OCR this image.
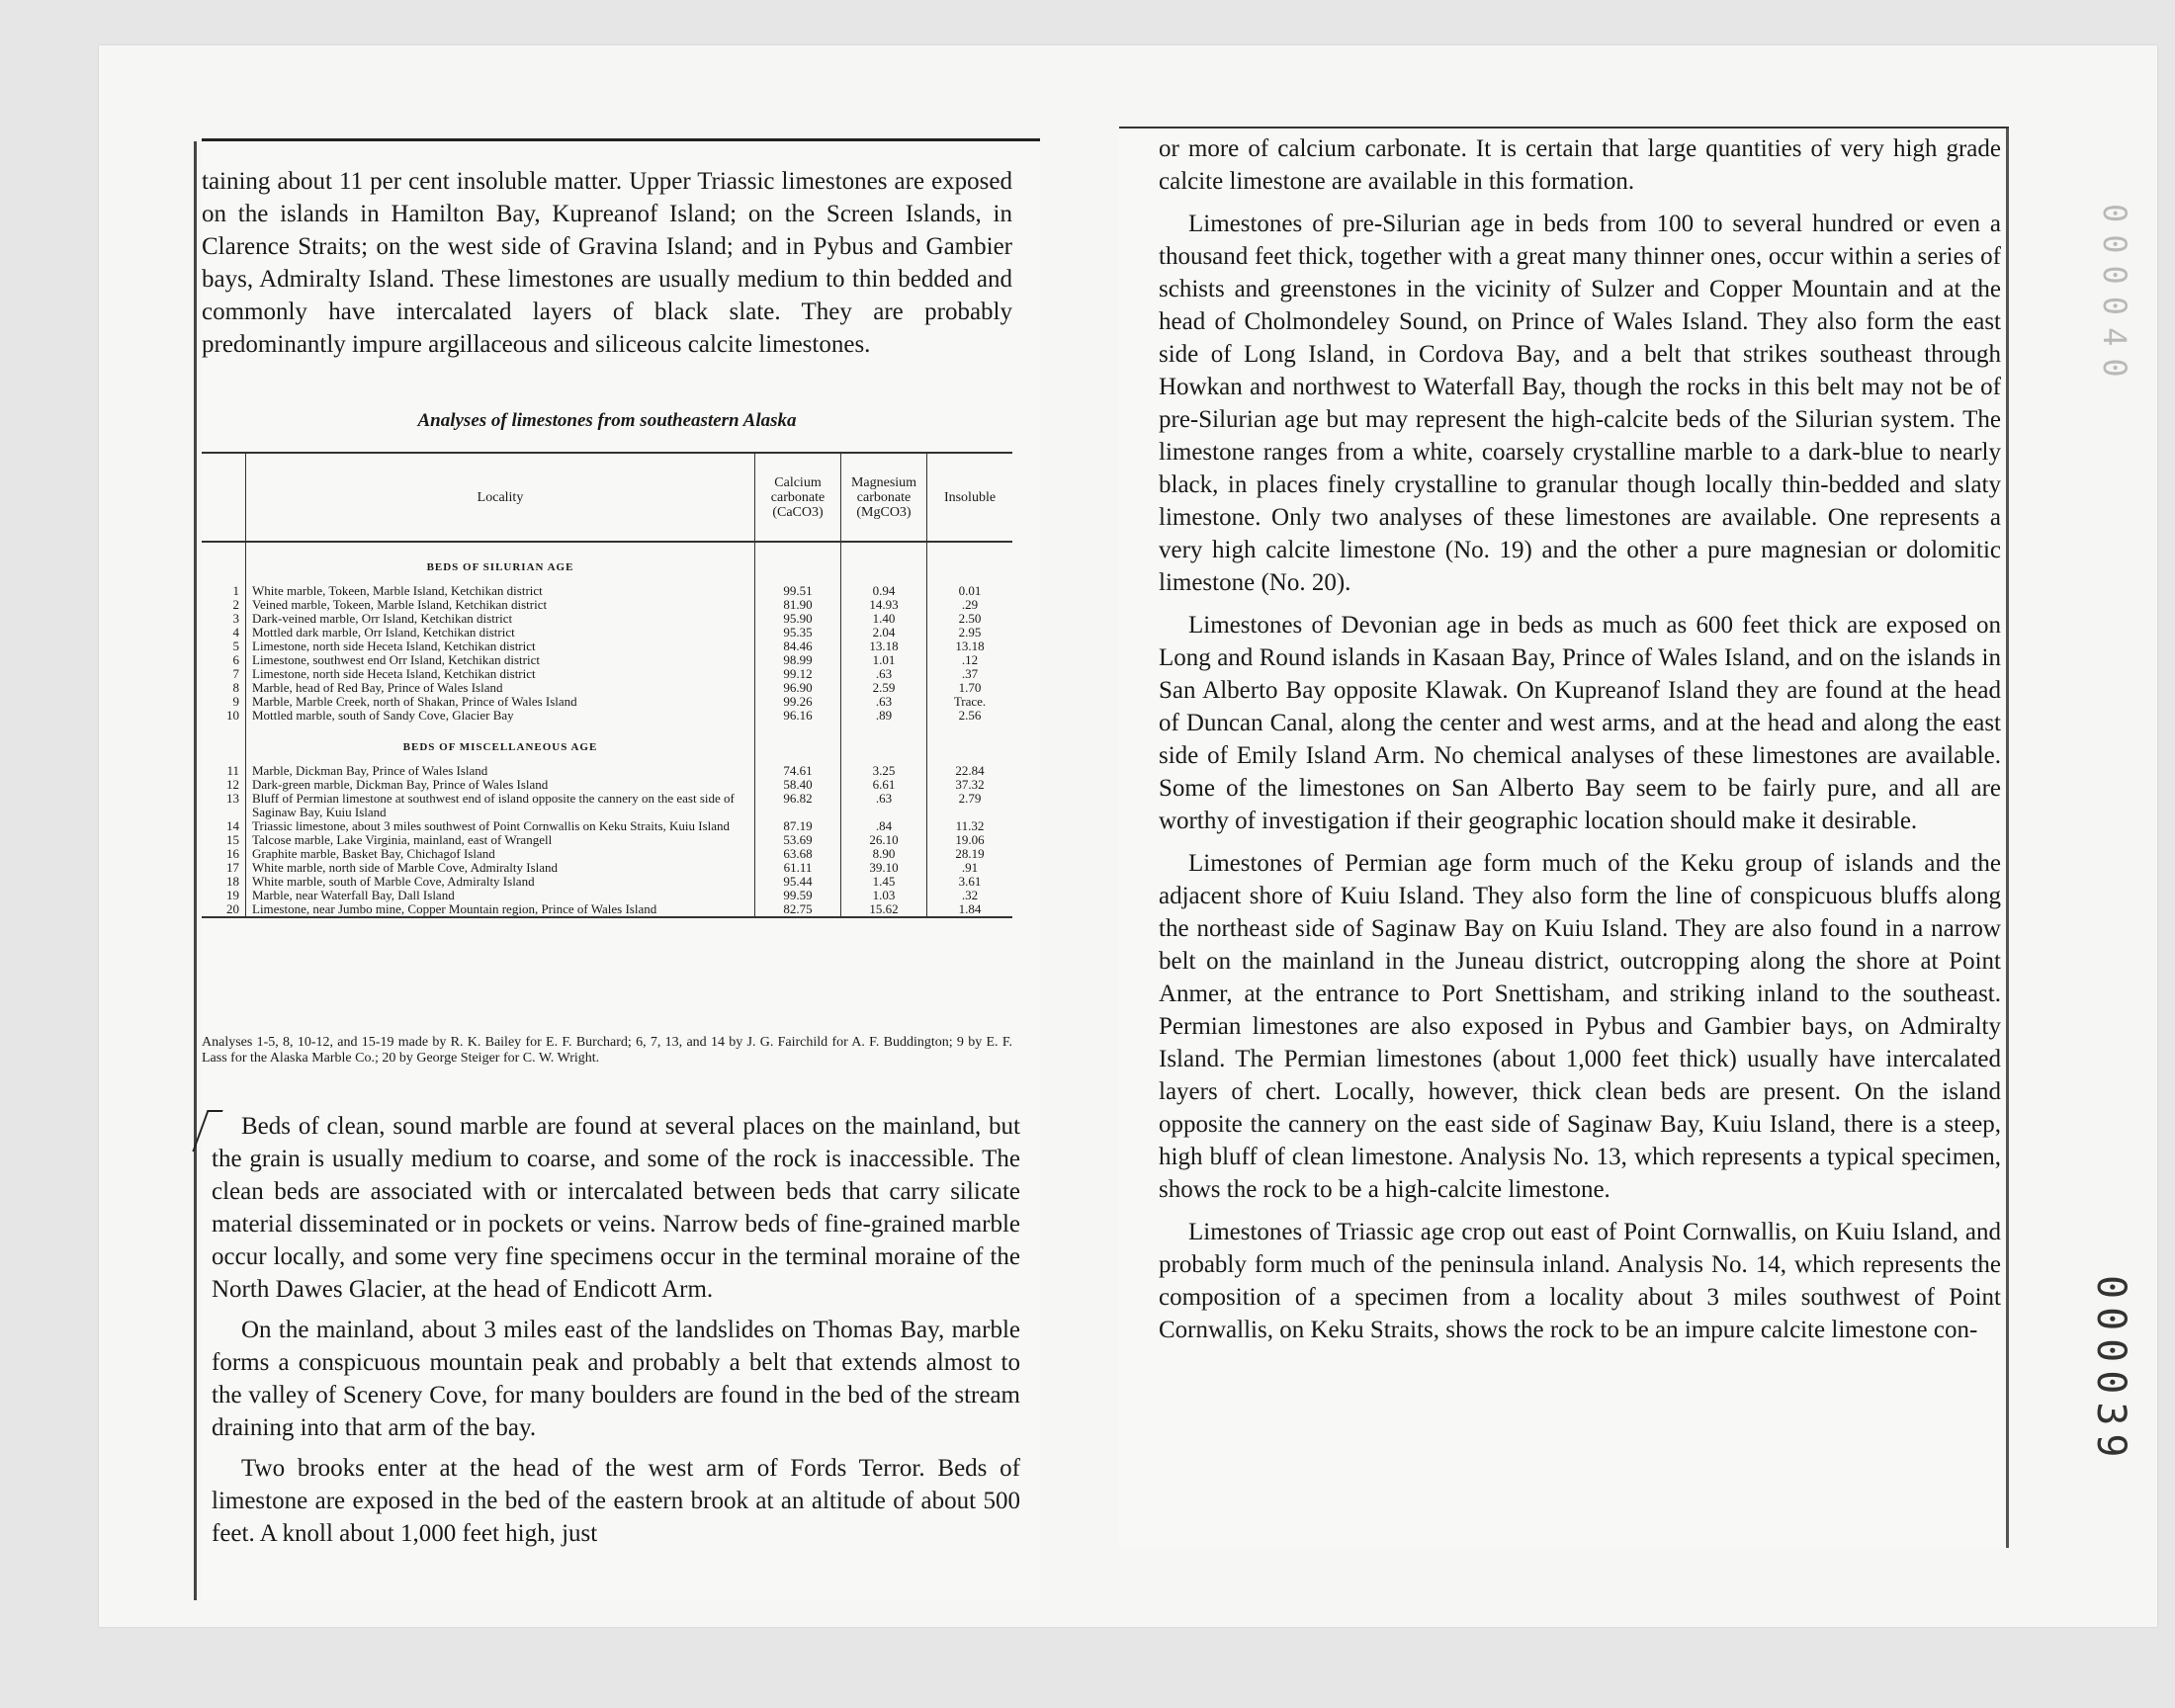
000040
000039

taining about 11 per cent insoluble matter. Upper Triassic limestones are exposed on the islands in Hamilton Bay, Kupreanof Island; on the Screen Islands, in Clarence Straits; on the west side of Gravina Island; and in Pybus and Gambier bays, Admiralty Island. These limestones are usually medium to thin bedded and commonly have intercalated layers of black slate. They are probably predominantly impure argillaceous and siliceous calcite limestones.

Analyses of limestones from southeastern Alaska
	Locality	Calcium carbonate (CaCO3)	Magnesium carbonate (MgCO3)	Insoluble
	BEDS OF SILURIAN AGE			
1	White marble, Tokeen, Marble Island, Ketchikan district	99.51	0.94	0.01
2	Veined marble, Tokeen, Marble Island, Ketchikan district	81.90	14.93	.29
3	Dark-veined marble, Orr Island, Ketchikan district	95.90	1.40	2.50
4	Mottled dark marble, Orr Island, Ketchikan district	95.35	2.04	2.95
5	Limestone, north side Heceta Island, Ketchikan district	84.46	13.18	13.18
6	Limestone, southwest end Orr Island, Ketchikan district	98.99	1.01	.12
7	Limestone, north side Heceta Island, Ketchikan district	99.12	.63	.37
8	Marble, head of Red Bay, Prince of Wales Island	96.90	2.59	1.70
9	Marble, Marble Creek, north of Shakan, Prince of Wales Island	99.26	.63	Trace.
10	Mottled marble, south of Sandy Cove, Glacier Bay	96.16	.89	2.56
	BEDS OF MISCELLANEOUS AGE			
11	Marble, Dickman Bay, Prince of Wales Island	74.61	3.25	22.84
12	Dark-green marble, Dickman Bay, Prince of Wales Island	58.40	6.61	37.32
13	Bluff of Permian limestone at southwest end of island opposite the cannery on the east side of Saginaw Bay, Kuiu Island	96.82	.63	2.79
14	Triassic limestone, about 3 miles southwest of Point Cornwallis on Keku Straits, Kuiu Island	87.19	.84	11.32
15	Talcose marble, Lake Virginia, mainland, east of Wrangell	53.69	26.10	19.06
16	Graphite marble, Basket Bay, Chichagof Island	63.68	8.90	28.19
17	White marble, north side of Marble Cove, Admiralty Island	61.11	39.10	.91
18	White marble, south of Marble Cove, Admiralty Island	95.44	1.45	3.61
19	Marble, near Waterfall Bay, Dall Island	99.59	1.03	.32
20	Limestone, near Jumbo mine, Copper Mountain region, Prince of Wales Island	82.75	15.62	1.84
Analyses 1-5, 8, 10-12, and 15-19 made by R. K. Bailey for E. F. Burchard; 6, 7, 13, and 14 by J. G. Fairchild for A. F. Buddington; 9 by E. F. Lass for the Alaska Marble Co.; 20 by George Steiger for C. W. Wright.

Beds of clean, sound marble are found at several places on the mainland, but the grain is usually medium to coarse, and some of the rock is inaccessible. The clean beds are associated with or intercalated between beds that carry silicate material disseminated or in pockets or veins. Narrow beds of fine-grained marble occur locally, and some very fine specimens occur in the terminal moraine of the North Dawes Glacier, at the head of Endicott Arm.

On the mainland, about 3 miles east of the landslides on Thomas Bay, marble forms a conspicuous mountain peak and probably a belt that extends almost to the valley of Scenery Cove, for many boulders are found in the bed of the stream draining into that arm of the bay.

Two brooks enter at the head of the west arm of Fords Terror. Beds of limestone are exposed in the bed of the eastern brook at an altitude of about 500 feet. A knoll about 1,000 feet high, just

or more of calcium carbonate. It is certain that large quantities of very high grade calcite limestone are available in this formation.

Limestones of pre-Silurian age in beds from 100 to several hundred or even a thousand feet thick, together with a great many thinner ones, occur within a series of schists and greenstones in the vicinity of Sulzer and Copper Mountain and at the head of Cholmondeley Sound, on Prince of Wales Island. They also form the east side of Long Island, in Cordova Bay, and a belt that strikes southeast through Howkan and northwest to Waterfall Bay, though the rocks in this belt may not be of pre-Silurian age but may represent the high-calcite beds of the Silurian system. The limestone ranges from a white, coarsely crystalline marble to a dark-blue to nearly black, in places finely crystalline to granular though locally thin-bedded and slaty limestone. Only two analyses of these limestones are available. One represents a very high calcite limestone (No. 19) and the other a pure magnesian or dolomitic limestone (No. 20).

Limestones of Devonian age in beds as much as 600 feet thick are exposed on Long and Round islands in Kasaan Bay, Prince of Wales Island, and on the islands in San Alberto Bay opposite Klawak. On Kupreanof Island they are found at the head of Duncan Canal, along the center and west arms, and at the head and along the east side of Emily Island Arm. No chemical analyses of these limestones are available. Some of the limestones on San Alberto Bay seem to be fairly pure, and all are worthy of investigation if their geographic location should make it desirable.

Limestones of Permian age form much of the Keku group of islands and the adjacent shore of Kuiu Island. They also form the line of conspicuous bluffs along the northeast side of Saginaw Bay on Kuiu Island. They are also found in a narrow belt on the mainland in the Juneau district, outcropping along the shore at Point Anmer, at the entrance to Port Snettisham, and striking inland to the southeast. Permian limestones are also exposed in Pybus and Gambier bays, on Admiralty Island. The Permian limestones (about 1,000 feet thick) usually have intercalated layers of chert. Locally, however, thick clean beds are present. On the island opposite the cannery on the east side of Saginaw Bay, Kuiu Island, there is a steep, high bluff of clean limestone. Analysis No. 13, which represents a typical specimen, shows the rock to be a high-calcite limestone.

Limestones of Triassic age crop out east of Point Cornwallis, on Kuiu Island, and probably form much of the peninsula inland. Analysis No. 14, which represents the composition of a specimen from a locality about 3 miles southwest of Point Cornwallis, on Keku Straits, shows the rock to be an impure calcite limestone con-
